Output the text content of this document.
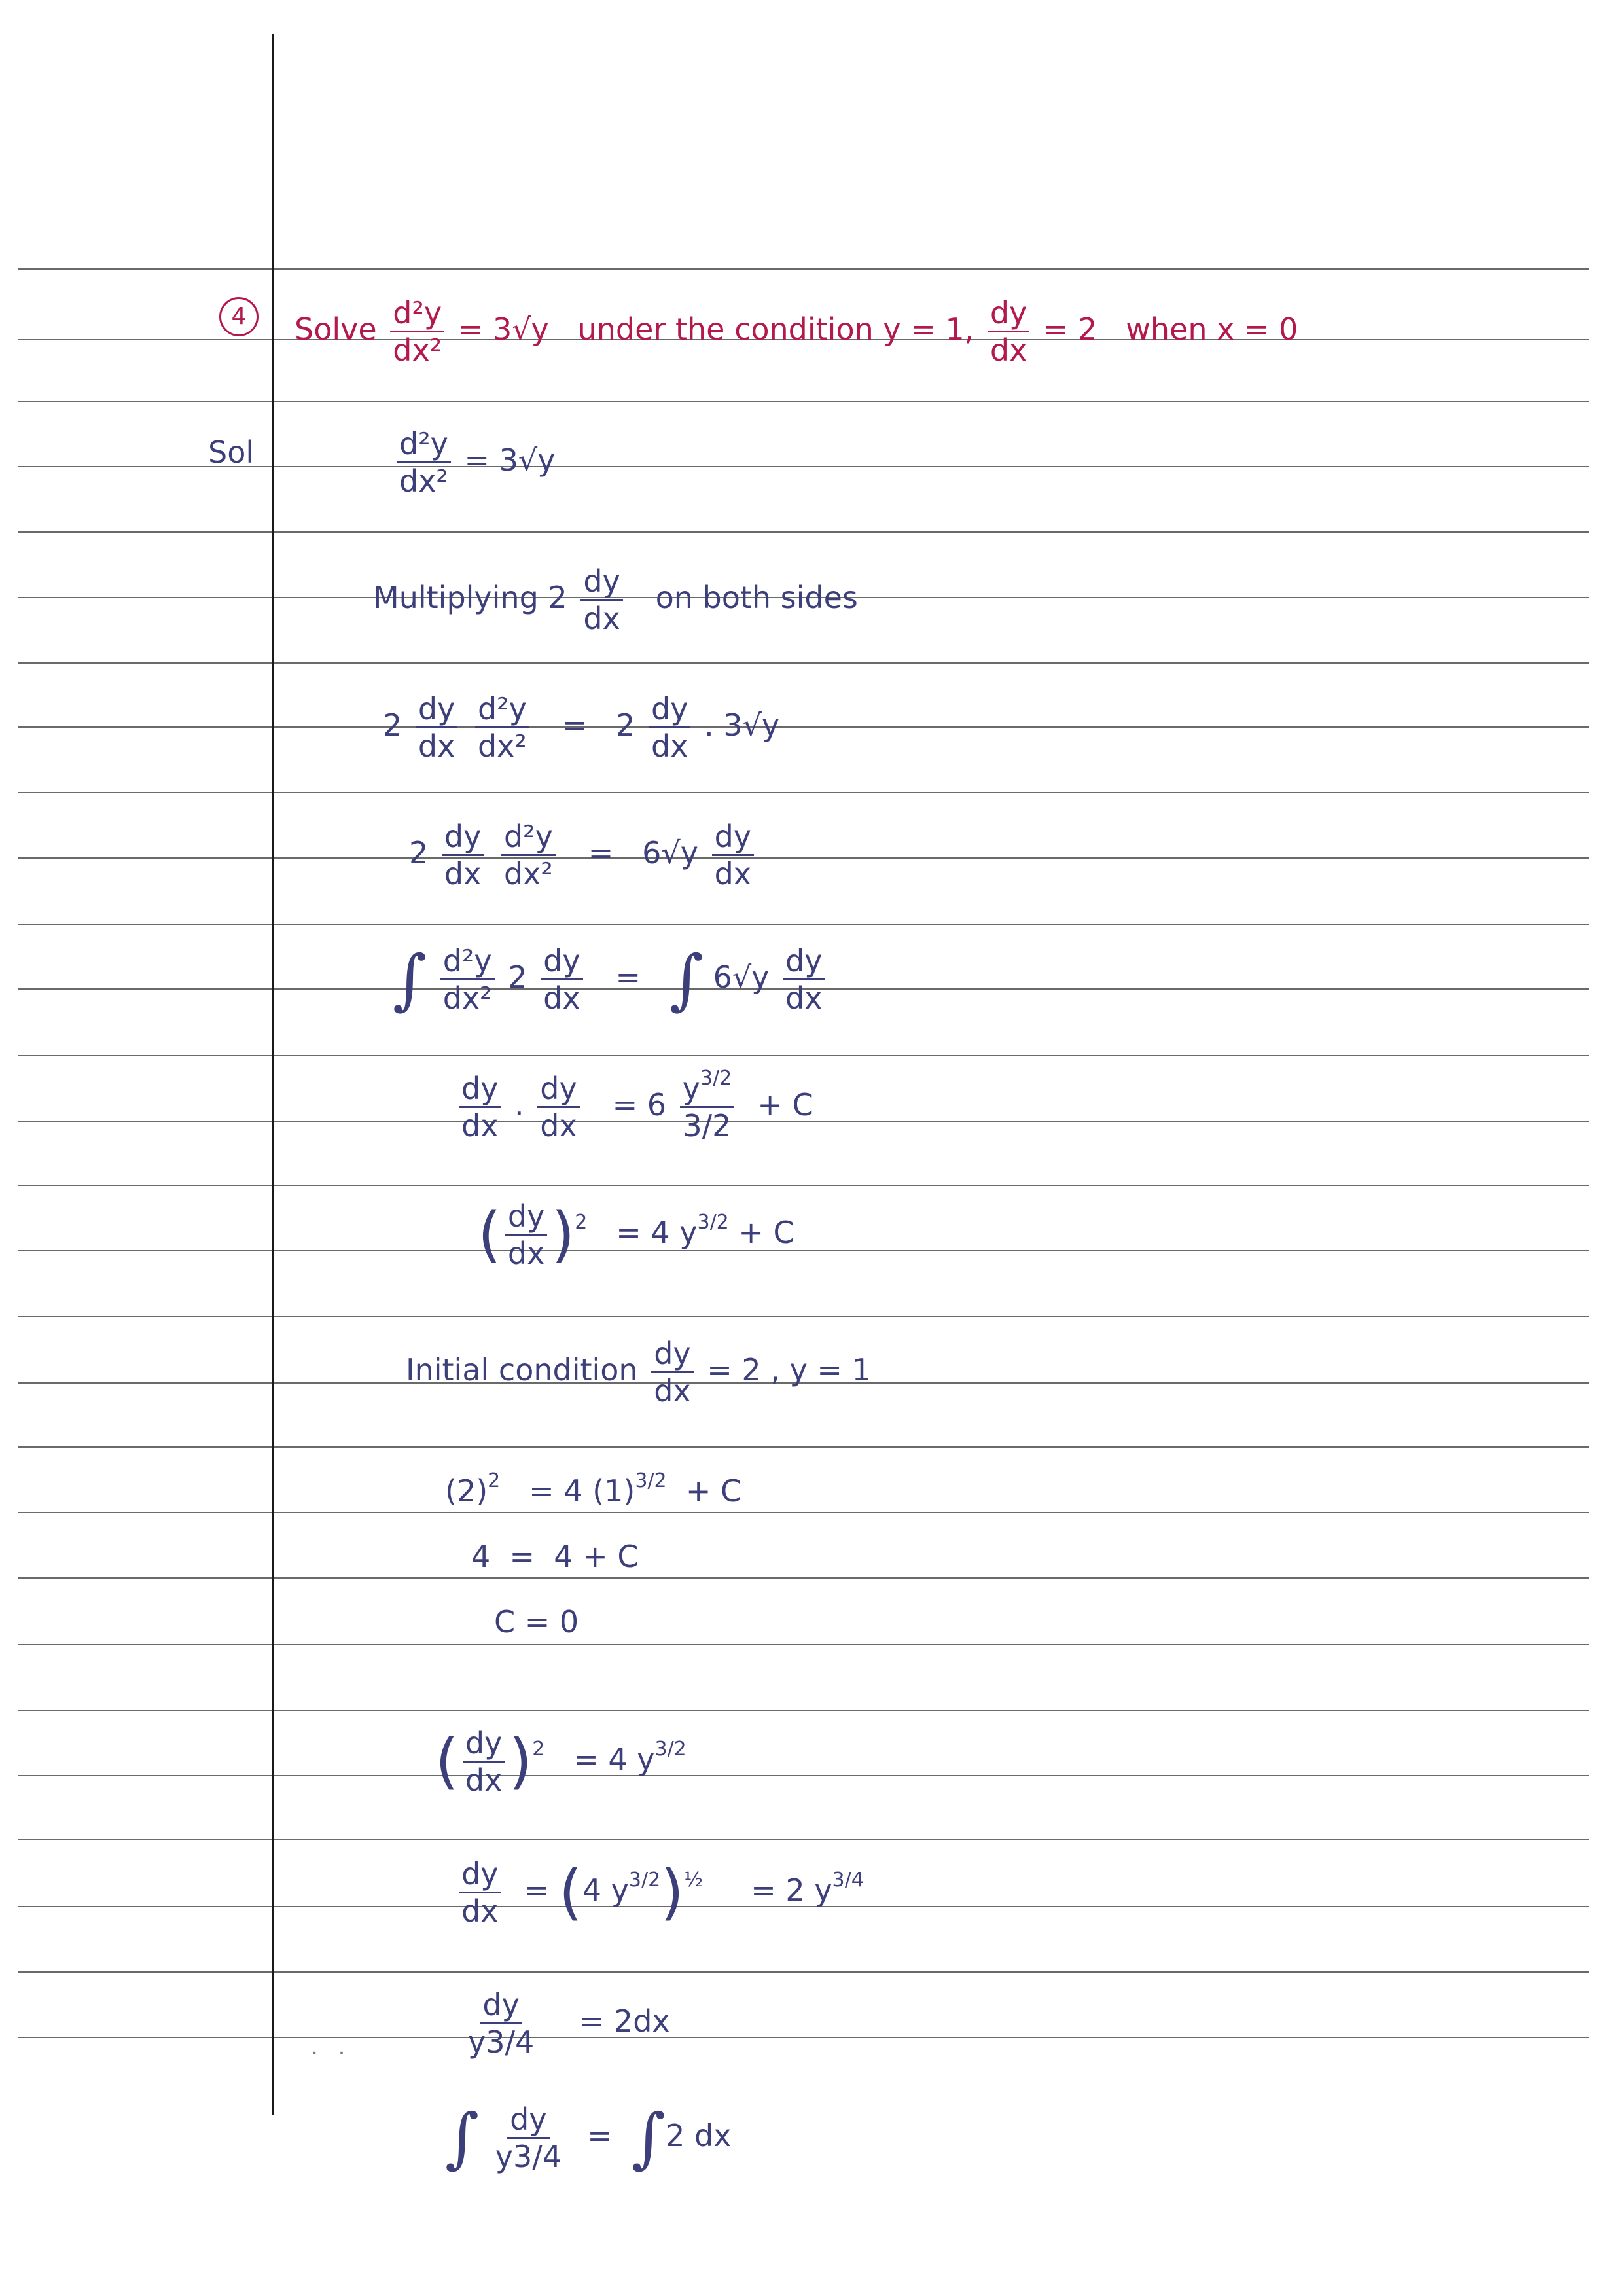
4	Solve $\frac{\text{d²y}}{\text{dx²}} = 3√y$ under the condition y = 1, $\frac{dy}{dx} = 2$ when x = 0
Sol	$\frac{\text{d²y}}{\text{dx²}} = 3√y$
Multiplying $2 \frac{dy}{dx}$ on both sides
$2 \frac{dy}{dx}$
$\frac{\text{d²y}}{\text{dx²}} = 2 \frac{dy}{dx}$ . 3√y
$2 \frac{dy}{dx}$
$\frac{\text{d²y}}{\text{dx²}} = 6√y \frac{dy}{dx}$
∫ $\frac{\text{d²y}}{\text{dx²}} 2 \frac{dy}{dx}$ = ∫ $6√y \frac{dy}{dx}$
$\frac{dy}{dx}$ . $\frac{dy}{dx} = 6 \frac{y^{3/2}}{3/2} + C$
( $\frac{dy}{dx} )^2 = 4$ $y^{3/2} + C$
Initial condition $\frac{dy}{dx} = 2$ , y = 1
$(2)^2 = 4$ $(1)^{3/2} + C$
4  =  4 + C
C = 0
( $\frac{dy}{dx} )^2 = 4$ $y^{3/2}$
$\frac{dy}{dx} = (4$ $y^{3/2})^{\frac{1}{2}} = 2$ $y^{3/4}$
$\frac{dy}{y3/4} = 2dx$
. .
∫ $\frac{dy}{y3/4} = \int 2$ dx
